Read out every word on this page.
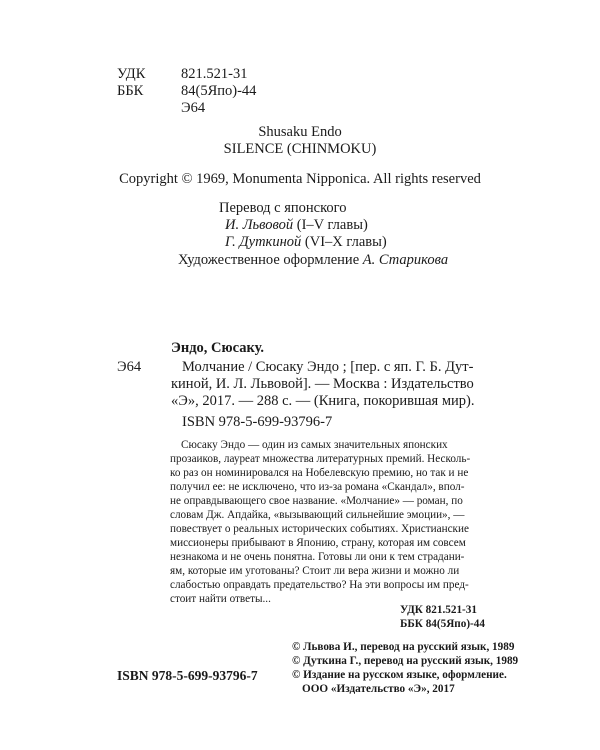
УДК	821.521-31
ББК	84(5Япо)-44
Э64
Shusaku Endo
SILENCE (CHINMOKU)
Copyright © 1969, Monumenta Nipponica. All rights reserved
Перевод с японского
И. Львовой (I–V главы)
Г. Дуткиной (VI–X главы)
Художественное оформление А. Старикова
Эндо, Сюсаку.
Э64	Молчание / Сюсаку Эндо ; [пер. с яп. Г. Б. Дут-
киной, И. Л. Львовой]. — Москва : Издательство
«Э», 2017. — 288 с. — (Книга, покорившая мир).
ISBN 978-5-699-93796-7
Сюсаку Эндо — один из самых значительных японских
прозаиков, лауреат множества литературных премий. Несколь-
ко раз он номинировался на Нобелевскую премию, но так и не
получил ее: не исключено, что из-за романа «Скандал», впол-
не оправдывающего свое название. «Молчание» — роман, по
словам Дж. Апдайка, «вызывающий сильнейшие эмоции», —
повествует о реальных исторических событиях. Христианские
миссионеры прибывают в Японию, страну, которая им совсем
незнакома и не очень понятна. Готовы ли они к тем страдани-
ям, которые им уготованы? Стоит ли вера жизни и можно ли
слабостью оправдать предательство? На эти вопросы им пред-
стоит найти ответы...
УДК 821.521-31
ББК 84(5Япо)-44
© Львова И., перевод на русский язык, 1989
© Дуткина Г., перевод на русский язык, 1989
© Издание на русском языке, оформление.
ООО «Издательство «Э», 2017
ISBN 978-5-699-93796-7
